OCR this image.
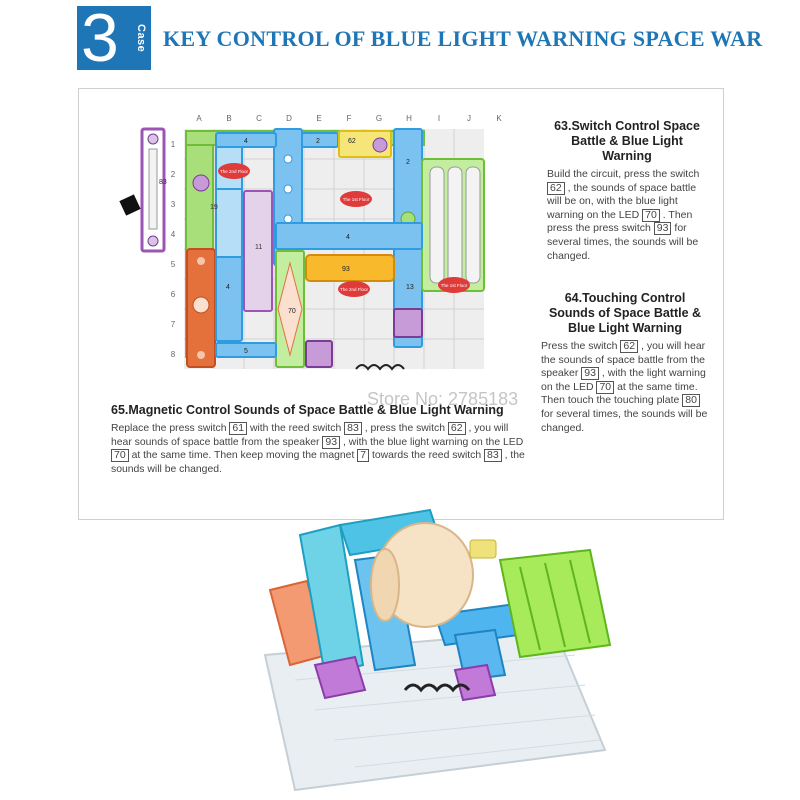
3 Case KEY CONTROL OF BLUE LIGHT WARNING SPACE WAR
A	B	C	D	E	F	G	H	I	J	K
1
2
3
4
5
6
7
8
83
19
11
4	2	62
2
13
4
93
70
5
4
The 2nd Floor
The 1st Floor
The 2nd Floor
The 1st Floor
63.Switch Control Space Battle & Blue Light Warning
Build the circuit, press the switch 62 , the sounds of space battle will be on, with the blue light warning on the LED 70 . Then press the press switch 93 for several times, the sounds will be changed.
64.Touching Control Sounds of Space Battle & Blue Light Warning
Press the switch 62 , you will hear the sounds of space battle from the speaker 93 , with the light warning on the LED 70 at the same time. Then touch the touching plate 80 for several times, the sounds will be changed.
65.Magnetic Control Sounds of Space Battle & Blue Light Warning
Replace the press switch 61 with the reed switch 83 , press the switch 62 , you will hear sounds of space battle from the speaker 93 , with the blue light warning on the LED 70 at the same time. Then keep moving the magnet 7 towards the reed switch 83 , the sounds will be changed.
Store No: 2785183
